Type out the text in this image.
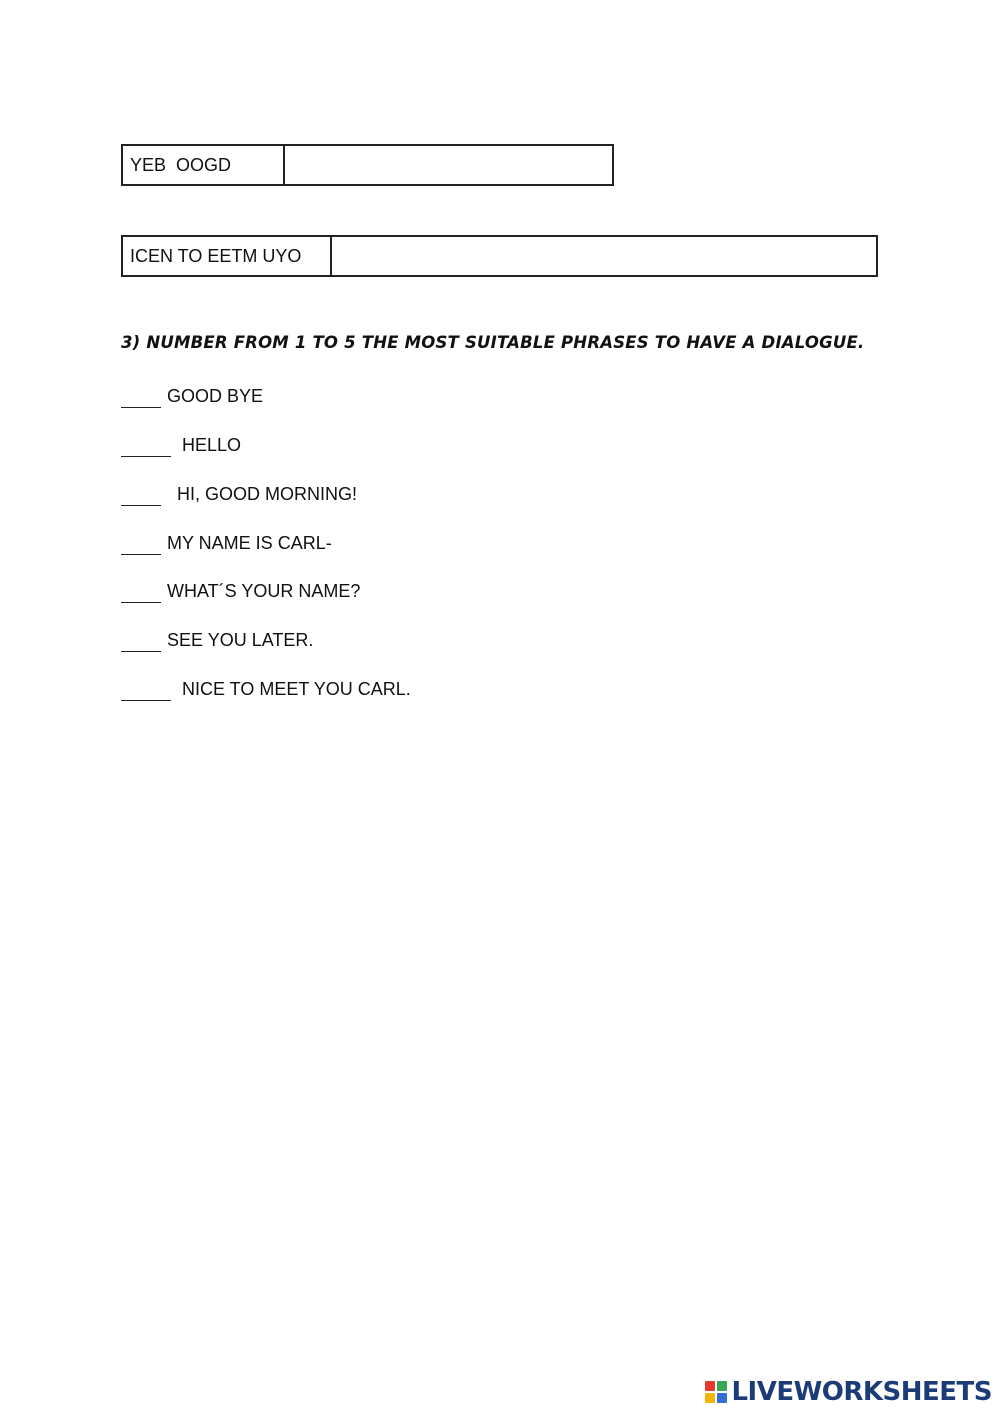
YEB  OOGD
ICEN TO EETM UYO
3) NUMBER FROM 1 TO 5 THE MOST SUITABLE PHRASES TO HAVE A DIALOGUE.
GOOD BYE
HELLO
HI, GOOD MORNING!
MY NAME IS CARL-
WHAT´S YOUR NAME?
SEE YOU LATER.
NICE TO MEET YOU CARL.
LIVEWORKSHEETS
